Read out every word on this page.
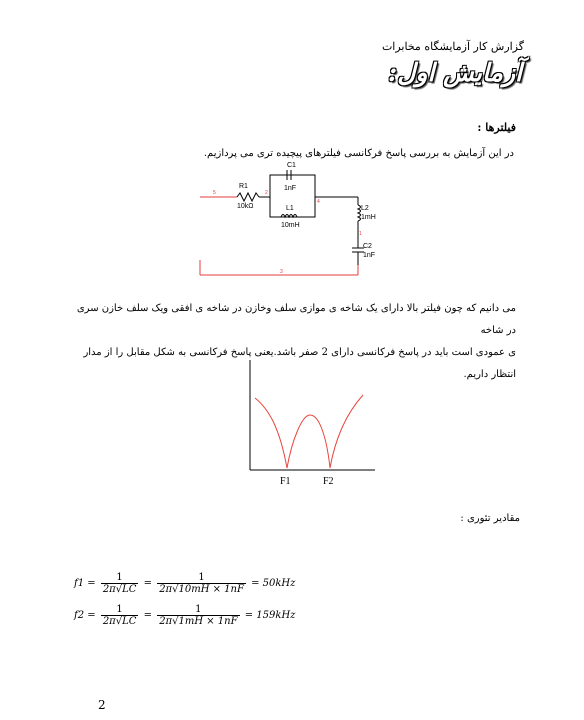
گزارش کار آزمایشگاه مخابرات
آزمایش اول:
فیلترها :
در این آزمایش به بررسی پاسخ فرکانسی فیلترهای پیچیده تری می پردازیم.
R1
10kΩ
C1
1nF
L1
10mH
L2
1mH
C2
1nF
5	2
4
1
3
می دانیم که چون فیلتر بالا دارای یک شاخه ی موازی سلف وخازن در شاخه ی افقی ویک سلف خازن سری در شاخه
ی عمودی است باید در پاسخ فرکانسی دارای 2 صفر باشد.یعنی پاسخ فرکانسی به شکل مقابل را از مدار انتظار داریم.
F1	F2
مقادیر تئوری :
$f1 = \frac{1}{2\pi√LC} = \frac{1}{2\pi√10mH \times 1nF} = 50kHz$
$f2 = \frac{1}{2\pi√LC} = \frac{1}{2\pi√1mH \times 1nF} = 159kHz$
2
